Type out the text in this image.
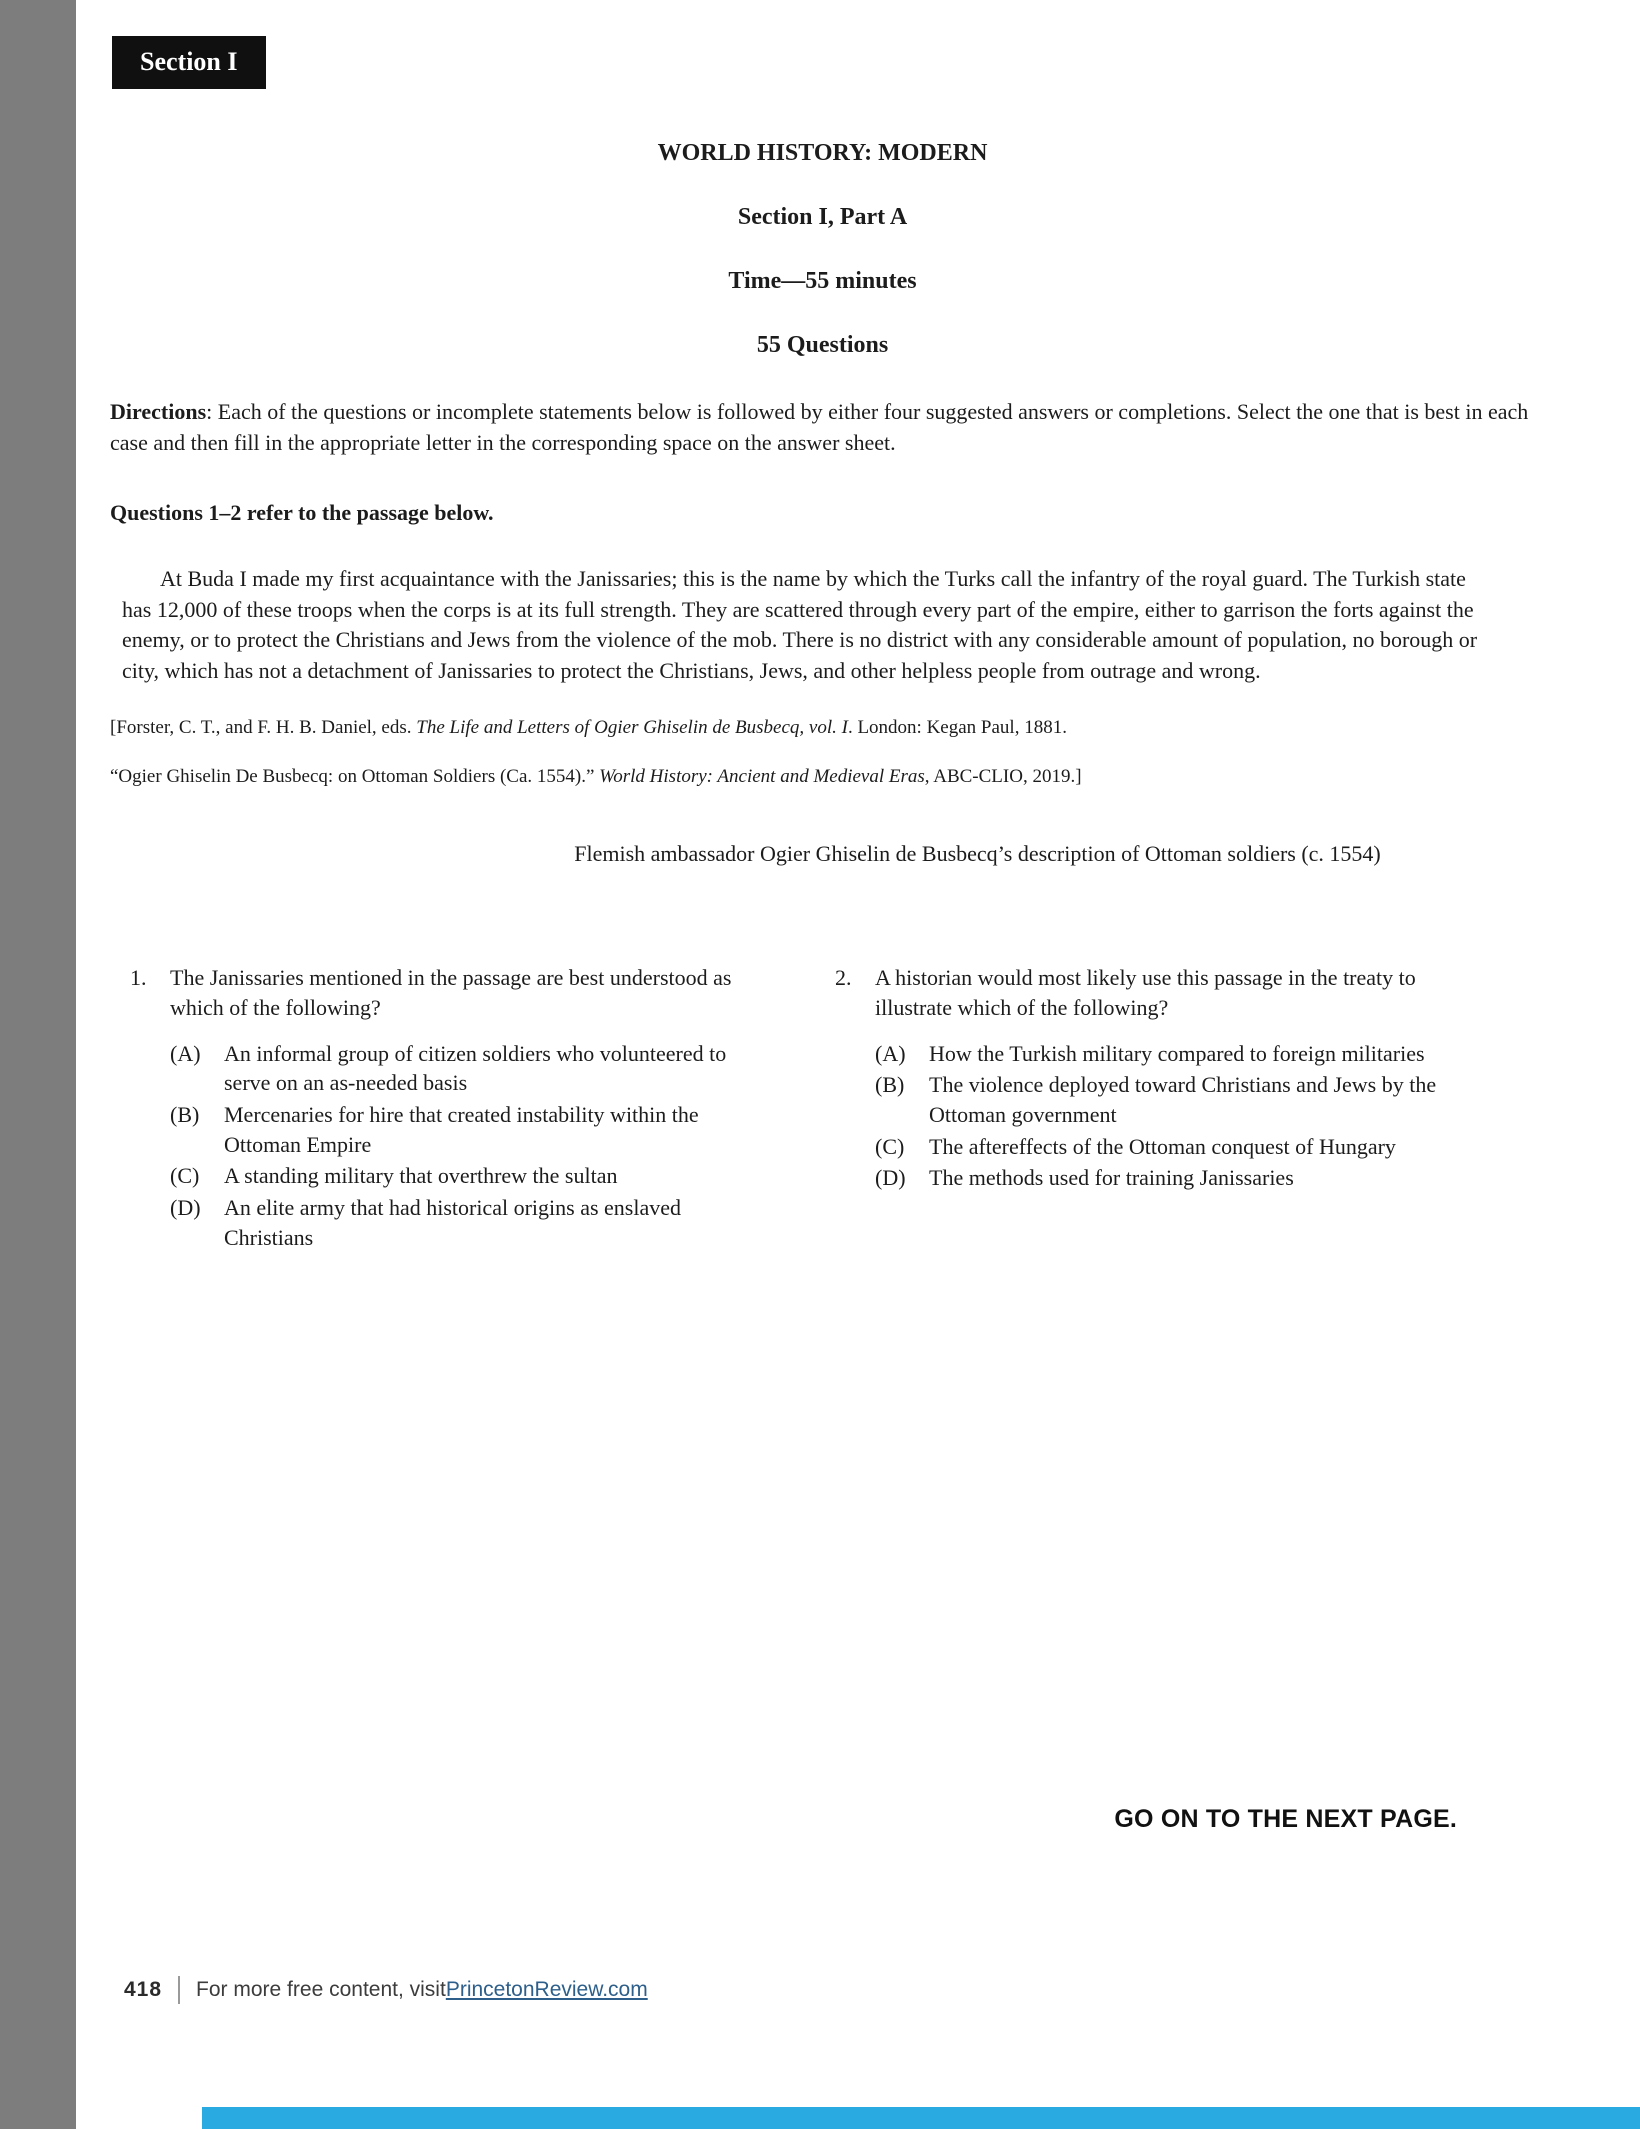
Section I
WORLD HISTORY: MODERN
Section I, Part A
Time—55 minutes
55 Questions

Directions: Each of the questions or incomplete statements below is followed by either four suggested answers or completions. Select the one that is best in each case and then fill in the appropriate letter in the corresponding space on the answer sheet.

Questions 1–2 refer to the passage below.

At Buda I made my first acquaintance with the Janissaries; this is the name by which the Turks call the infantry of the royal guard. The Turkish state has 12,000 of these troops when the corps is at its full strength. They are scattered through every part of the empire, either to garrison the forts against the enemy, or to protect the Christians and Jews from the violence of the mob. There is no district with any considerable amount of population, no borough or city, which has not a detachment of Janissaries to protect the Christians, Jews, and other helpless people from outrage and wrong.

[Forster, C. T., and F. H. B. Daniel, eds. The Life and Letters of Ogier Ghiselin de Busbecq, vol. I. London: Kegan Paul, 1881.

“Ogier Ghiselin De Busbecq: on Ottoman Soldiers (Ca. 1554).” World History: Ancient and Medieval Eras, ABC-CLIO, 2019.]

Flemish ambassador Ogier Ghiselin de Busbecq’s description of Ottoman soldiers (c. 1554)
1.	The Janissaries mentioned in the passage are best understood as which of the following?
(A)	An informal group of citizen soldiers who volunteered to serve on an as-needed basis
(B)	Mercenaries for hire that created instability within the Ottoman Empire
(C)	A standing military that overthrew the sultan
(D)	An elite army that had historical origins as enslaved Christians
2.	A historian would most likely use this passage in the treaty to illustrate which of the following?
(A)	How the Turkish military compared to foreign militaries
(B)	The violence deployed toward Christians and Jews by the Ottoman government
(C)	The aftereffects of the Ottoman conquest of Hungary
(D)	The methods used for training Janissaries
GO ON TO THE NEXT PAGE.
418 For more free content, visit PrincetonReview.com
